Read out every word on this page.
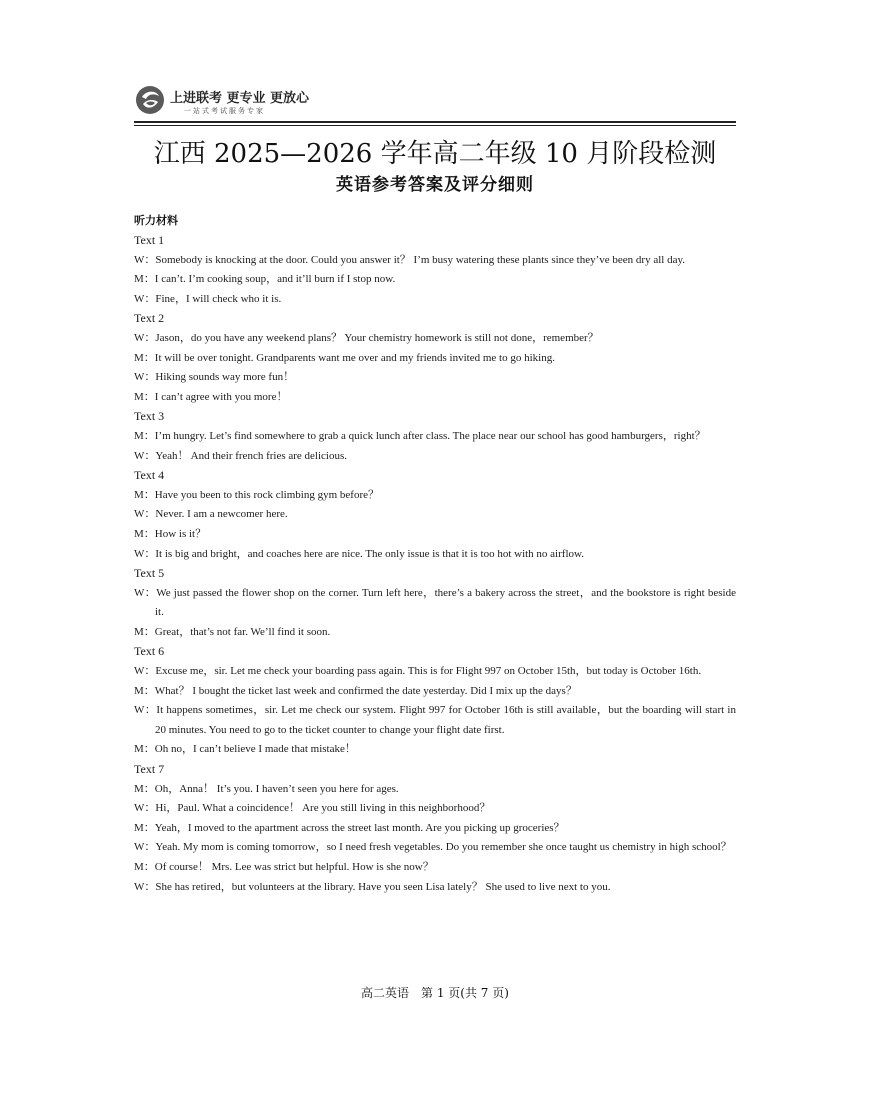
上进联考 更专业 更放心
一站式考试服务专家
江西 2025—2026 学年高二年级 10 月阶段检测
英语参考答案及评分细则
听力材料
Text 1
W：Somebody is knocking at the door. Could you answer it？ I’m busy watering these plants since they’ve been dry all day.
M：I can’t. I’m cooking soup，and it’ll burn if I stop now.
W：Fine，I will check who it is.
Text 2
W：Jason，do you have any weekend plans？ Your chemistry homework is still not done，remember？
M：It will be over tonight. Grandparents want me over and my friends invited me to go hiking.
W：Hiking sounds way more fun！
M：I can’t agree with you more！
Text 3
M：I’m hungry. Let’s find somewhere to grab a quick lunch after class. The place near our school has good hamburgers，right？
W：Yeah！ And their french fries are delicious.
Text 4
M：Have you been to this rock climbing gym before？
W：Never. I am a newcomer here.
M：How is it？
W：It is big and bright，and coaches here are nice. The only issue is that it is too hot with no airflow.
Text 5
W：We just passed the flower shop on the corner. Turn left here，there’s a bakery across the street，and the bookstore is right beside it.
M：Great，that’s not far. We’ll find it soon.
Text 6
W：Excuse me，sir. Let me check your boarding pass again. This is for Flight 997 on October 15th，but today is October 16th.
M：What？ I bought the ticket last week and confirmed the date yesterday. Did I mix up the days？
W：It happens sometimes，sir. Let me check our system. Flight 997 for October 16th is still available，but the boarding will start in 20 minutes. You need to go to the ticket counter to change your flight date first.
M：Oh no，I can’t believe I made that mistake！
Text 7
M：Oh，Anna！ It’s you. I haven’t seen you here for ages.
W：Hi，Paul. What a coincidence！ Are you still living in this neighborhood？
M：Yeah，I moved to the apartment across the street last month. Are you picking up groceries？
W：Yeah. My mom is coming tomorrow，so I need fresh vegetables. Do you remember she once taught us chemistry in high school？
M：Of course！ Mrs. Lee was strict but helpful. How is she now？
W：She has retired，but volunteers at the library. Have you seen Lisa lately？ She used to live next to you.
高二英语　第 1 页(共 7 页)
